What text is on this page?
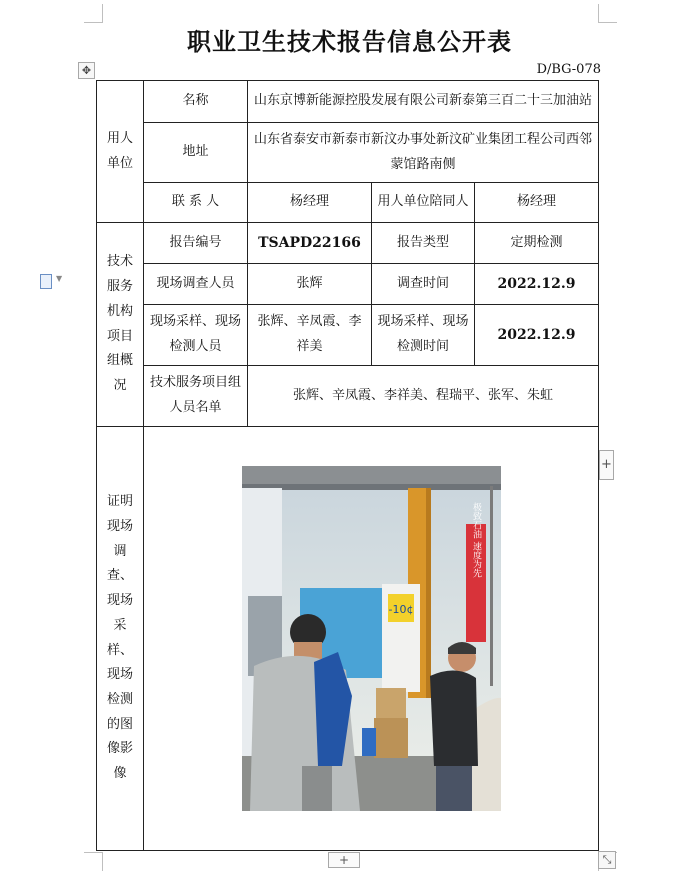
职业卫生技术报告信息公开表
D/BG-078
✥
▼
用人单位	名称	山东京博新能源控股发展有限公司新泰第三百二十三加油站		
	地址	山东省泰安市新泰市新汶办事处新汶矿业集团工程公司西邻蒙馆路南侧		
	联 系 人	杨经理	用人单位陪同人	杨经理
技术服务机构项目组概况	报告编号	TSAPD22166	报告类型	定期检测
	现场调查人员	张辉	调查时间	2022.12.9
	现场采样、现场检测人员	张辉、辛凤霞、李祥美	现场采样、现场检测时间	2022.12.9
	技术服务项目组人员名单	张辉、辛凤霞、李祥美、程瑞平、张军、朱虹		
证明现场调查、现场采样、现场检测的图像影像	-10¢
极致石油 速度为先			
+
+	⤡
